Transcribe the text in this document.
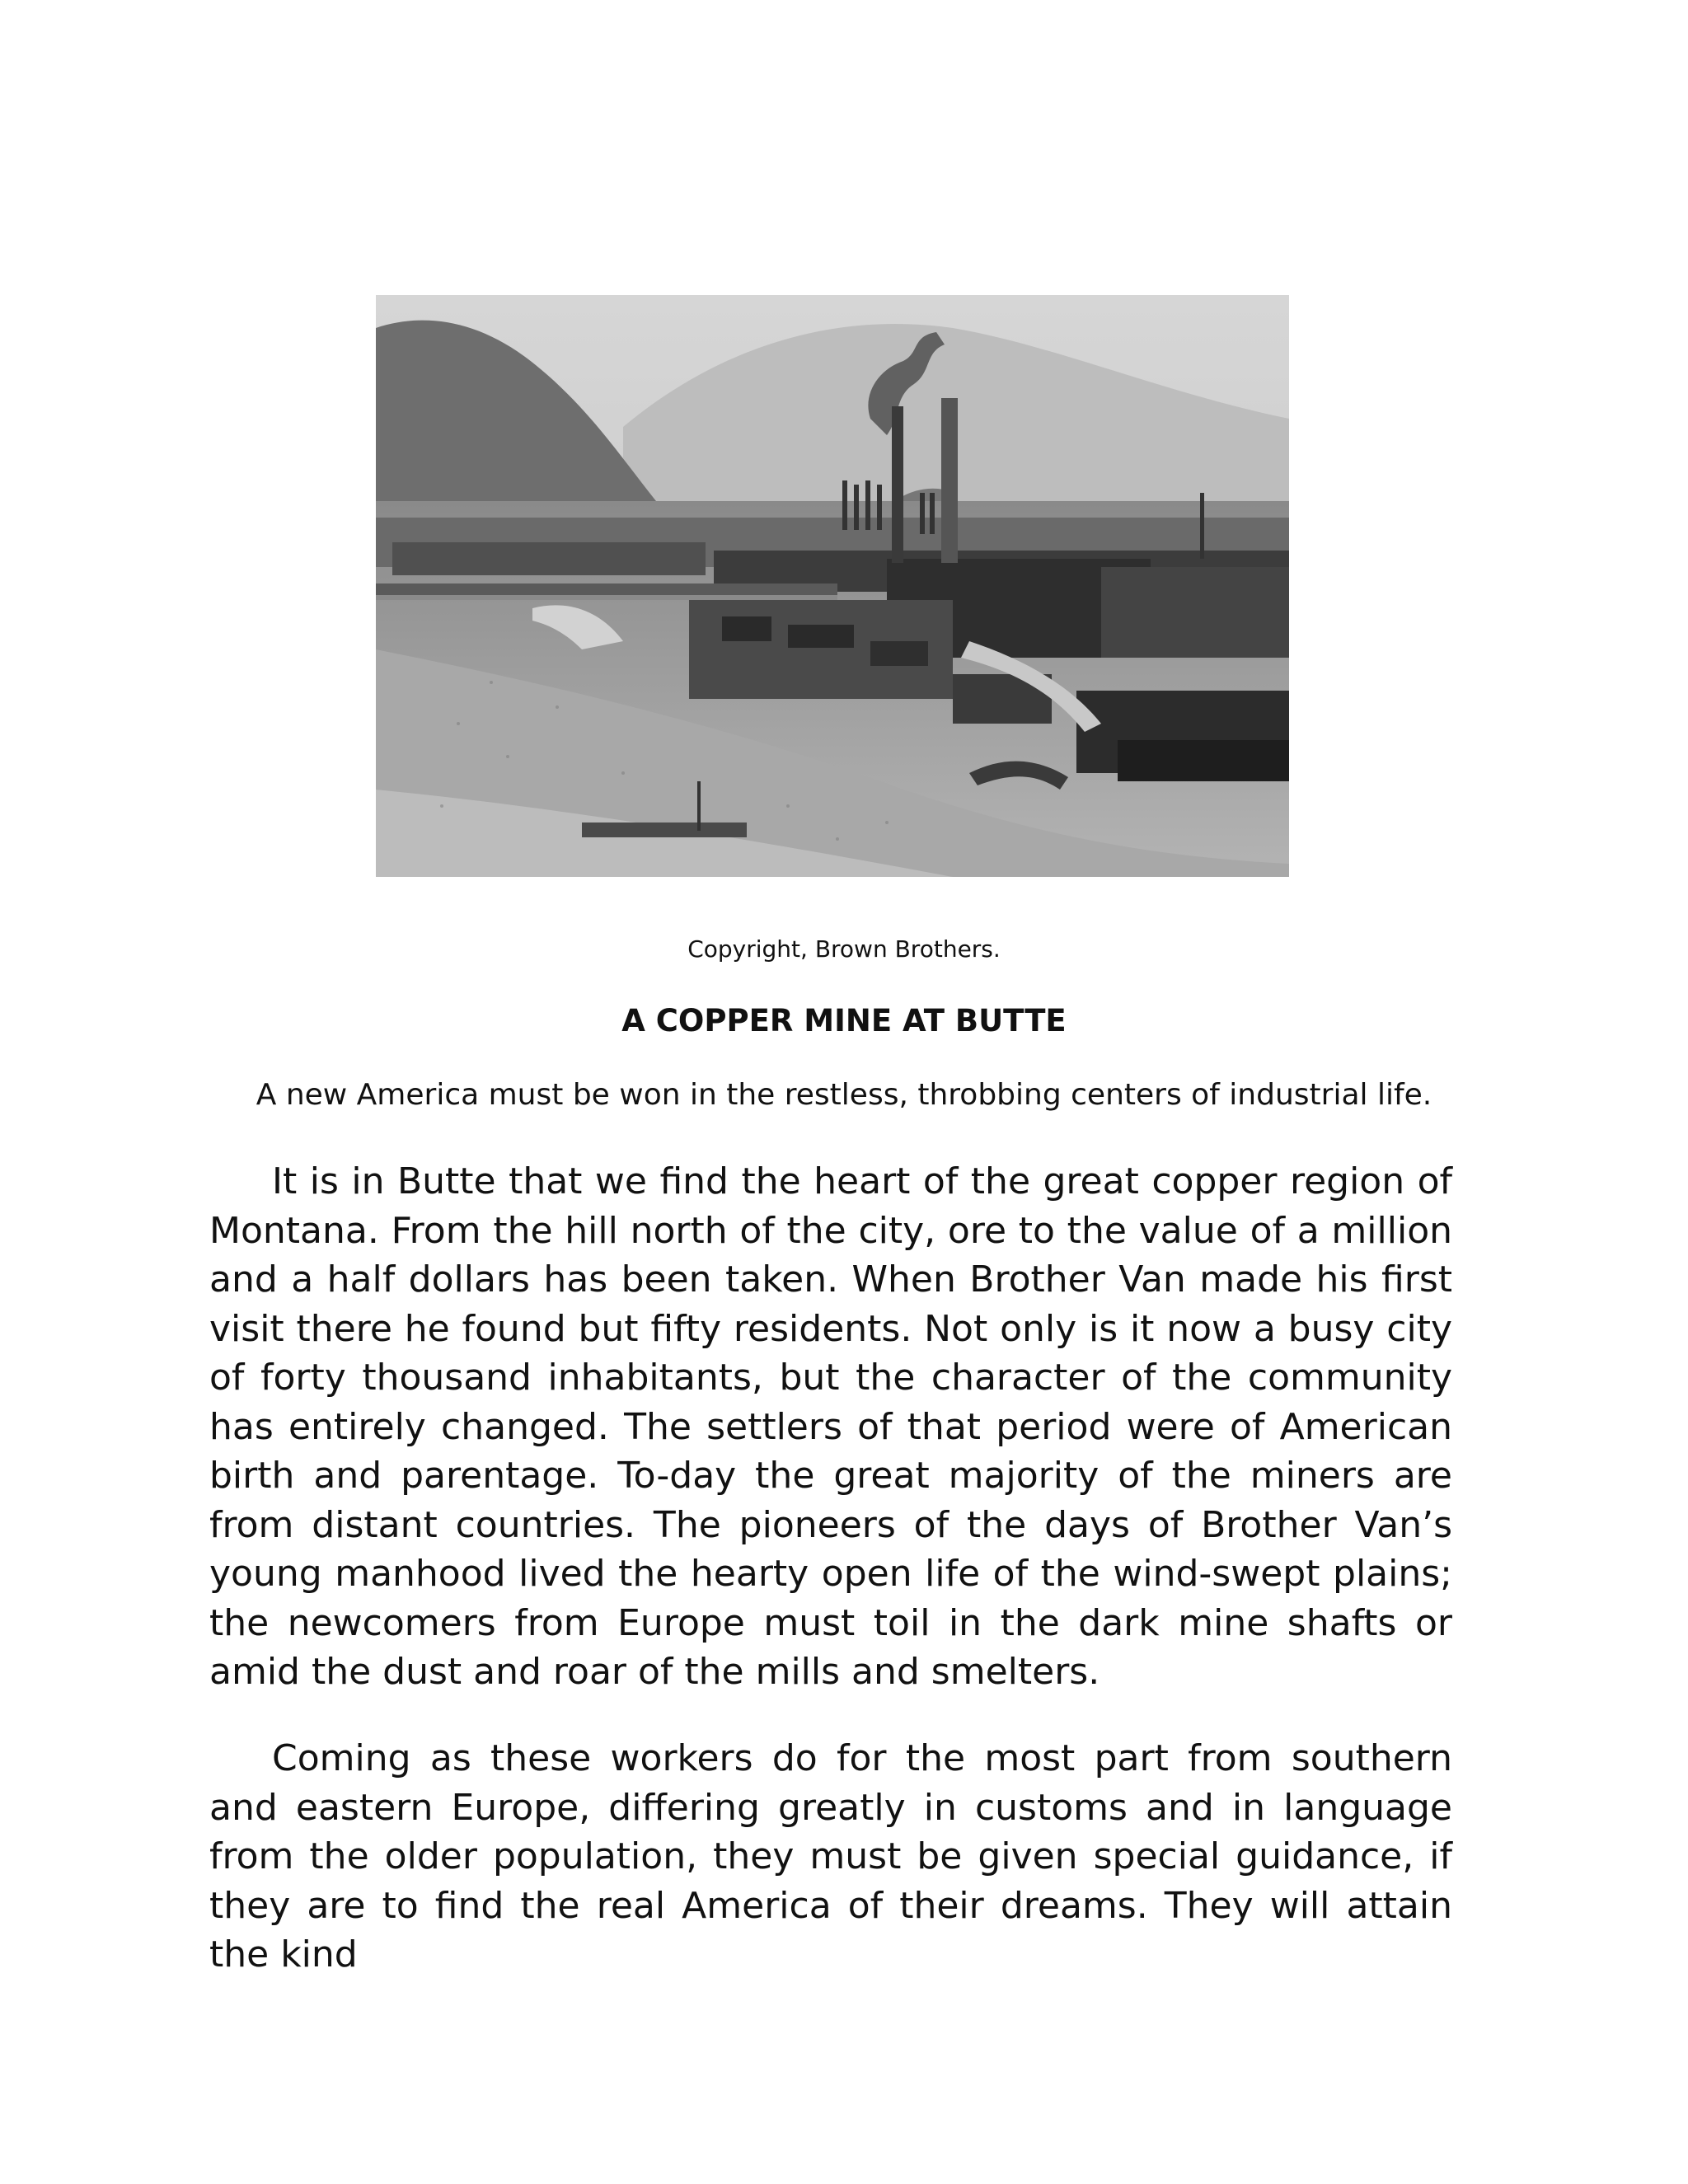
Copyright, Brown Brothers.
A COPPER MINE AT BUTTE
A new America must be won in the restless, throbbing centers of industrial life.

It is in Butte that we find the heart of the great copper region of Montana. From the hill north of the city, ore to the value of a million and a half dollars has been taken. When Brother Van made his first visit there he found but fifty residents. Not only is it now a busy city of forty thousand inhabitants, but the character of the community has entirely changed. The settlers of that period were of American birth and parentage. To-day the great majority of the miners are from distant countries. The pioneers of the days of Brother Van’s young manhood lived the hearty open life of the wind-swept plains; the newcomers from Europe must toil in the dark mine shafts or amid the dust and roar of the mills and smelters.

Coming as these workers do for the most part from southern and eastern Europe, differing greatly in customs and in language from the older population, they must be given special guidance, if they are to find the real America of their dreams. They will attain the kind
